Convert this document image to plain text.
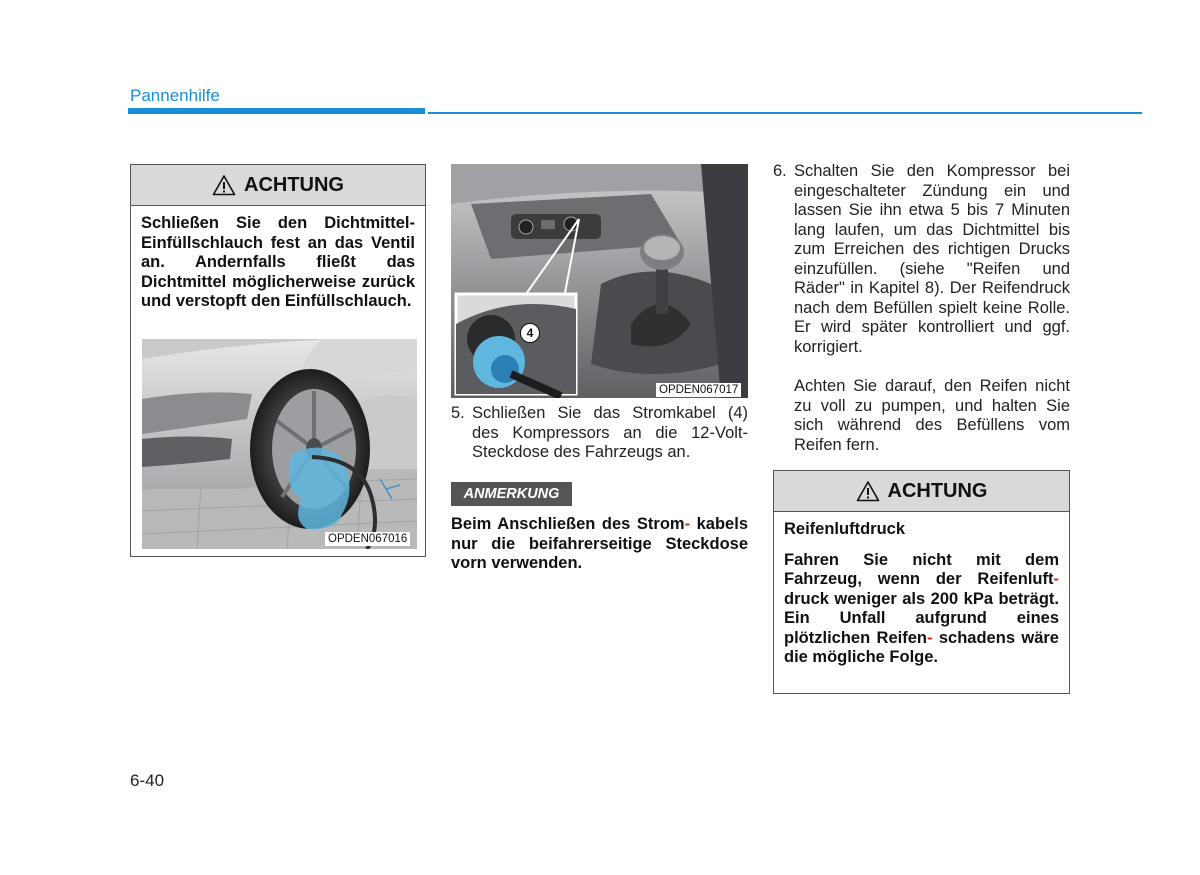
Pannenhilfe
ACHTUNG

Schließen Sie den Dichtmittel-Einfüllschlauch fest an das Ventil an. Andernfalls fließt das Dichtmittel möglicherweise zurück und verstopft den Einfüllschlauch.

OPDEN067016
4
OPDEN067017
5. Schließen Sie das Stromkabel (4) des Kompressors an die 12-Volt-Steckdose des Fahrzeugs an.
ANMERKUNG
Beim Anschließen des Strom- kabels nur die beifahrerseitige Steckdose vorn verwenden.
6. Schalten Sie den Kompressor bei eingeschalteter Zündung ein und lassen Sie ihn etwa 5 bis 7 Minuten lang laufen, um das Dichtmittel bis zum Erreichen des richtigen Drucks einzufüllen. (siehe "Reifen und Räder" in Kapitel 8). Der Reifendruck nach dem Befüllen spielt keine Rolle. Er wird später kontrolliert und ggf. korrigiert.
Achten Sie darauf, den Reifen nicht zu voll zu pumpen, und halten Sie sich während des Befüllens vom Reifen fern.
ACHTUNG

Reifenluftdruck

Fahren Sie nicht mit dem Fahrzeug, wenn der Reifenluft- druck weniger als 200 kPa beträgt. Ein Unfall aufgrund eines plötzlichen Reifen- schadens wäre die mögliche Folge.

6-40
